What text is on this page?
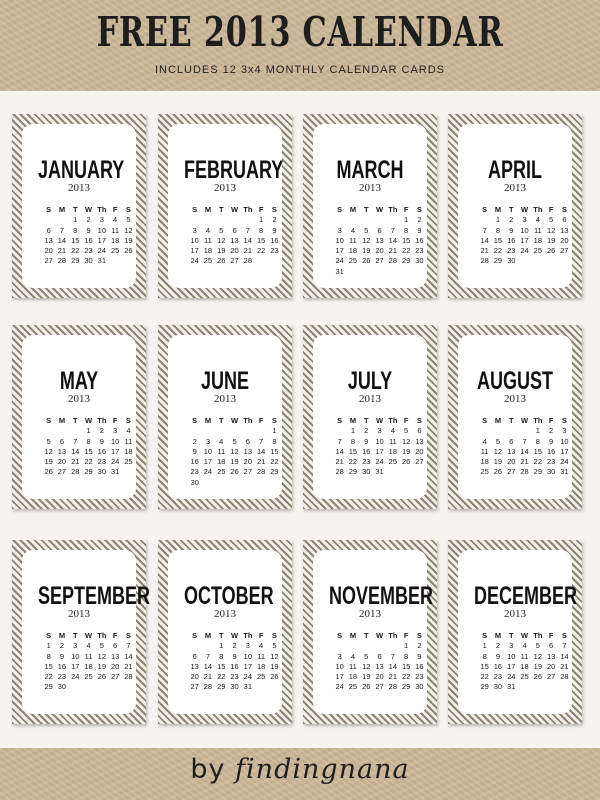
FREE 2013 CALENDAR

INCLUDES 12 3x4 MONTHLY CALENDAR CARDS

JANUARY
2013
S	M	T	W	Th	F	S
		1	2	3	4	5
6	7	8	9	10	11	12
13	14	15	16	17	18	19
20	21	22	23	24	25	26
27	28	29	30	31		
FEBRUARY
2013
S	M	T	W	Th	F	S
					1	2
3	4	5	6	7	8	9
10	11	12	13	14	15	16
17	18	19	20	21	22	23
24	25	26	27	28		
MARCH
2013
S	M	T	W	Th	F	S
					1	2
3	4	5	6	7	8	9
10	11	12	13	14	15	16
17	18	19	20	21	22	23
24	25	26	27	28	29	30
31						
APRIL
2013
S	M	T	W	Th	F	S
	1	2	3	4	5	6
7	8	9	10	11	12	13
14	15	16	17	18	19	20
21	22	23	24	25	26	27
28	29	30				
MAY
2013
S	M	T	W	Th	F	S
			1	2	3	4
5	6	7	8	9	10	11
12	13	14	15	16	17	18
19	20	21	22	23	24	25
26	27	28	29	30	31	
JUNE
2013
S	M	T	W	Th	F	S
						1
2	3	4	5	6	7	8
9	10	11	12	13	14	15
16	17	18	19	20	21	22
23	24	25	26	27	28	29
30						
JULY
2013
S	M	T	W	Th	F	S
	1	2	3	4	5	6
7	8	9	10	11	12	13
14	15	16	17	18	19	20
21	22	23	24	25	26	27
28	29	30	31			
AUGUST
2013
S	M	T	W	Th	F	S
				1	2	3
4	5	6	7	8	9	10
11	12	13	14	15	16	17
18	19	20	21	22	23	24
25	26	27	28	29	30	31
SEPTEMBER
2013
S	M	T	W	Th	F	S
1	2	3	4	5	6	7
8	9	10	11	12	13	14
15	16	17	18	19	20	21
22	23	24	25	26	27	28
29	30					
OCTOBER
2013
S	M	T	W	Th	F	S
		1	2	3	4	5
6	7	8	9	10	11	12
13	14	15	16	17	18	19
20	21	22	23	24	25	26
27	28	29	30	31		
NOVEMBER
2013
S	M	T	W	Th	F	S
					1	2
3	4	5	6	7	8	9
10	11	12	13	14	15	16
17	18	19	20	21	22	23
24	25	26	27	28	29	30
DECEMBER
2013
S	M	T	W	Th	F	S
1	2	3	4	5	6	7
8	9	10	11	12	13	14
15	16	17	18	19	20	21
22	23	24	25	26	27	28
29	30	31				
by findingnana
